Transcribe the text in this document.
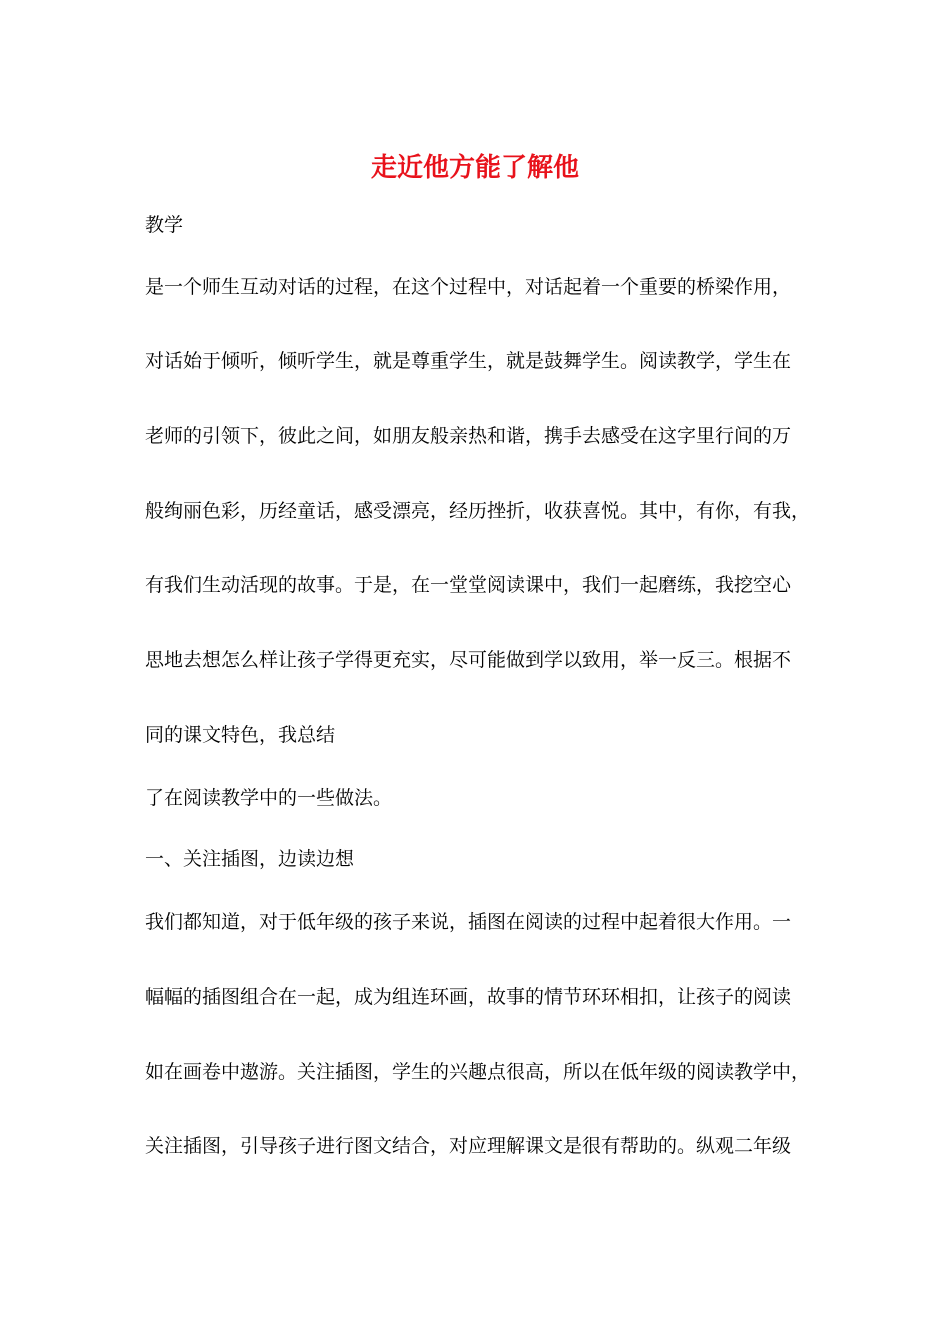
走近他方能了解他
教学
是一个师生互动对话的过程，在这个过程中，对话起着一个重要的桥梁作用，
对话始于倾听，倾听学生，就是尊重学生，就是鼓舞学生。阅读教学，学生在
老师的引领下，彼此之间，如朋友般亲热和谐，携手去感受在这字里行间的万
般绚丽色彩，历经童话，感受漂亮，经历挫折，收获喜悦。其中，有你，有我，
有我们生动活现的故事。于是，在一堂堂阅读课中，我们一起磨练，我挖空心
思地去想怎么样让孩子学得更充实，尽可能做到学以致用，举一反三。根据不
同的课文特色，我总结
了在阅读教学中的一些做法。
一、关注插图，边读边想
我们都知道，对于低年级的孩子来说，插图在阅读的过程中起着很大作用。一
幅幅的插图组合在一起，成为组连环画，故事的情节环环相扣，让孩子的阅读
如在画卷中遨游。关注插图，学生的兴趣点很高，所以在低年级的阅读教学中，
关注插图，引导孩子进行图文结合，对应理解课文是很有帮助的。纵观二年级
